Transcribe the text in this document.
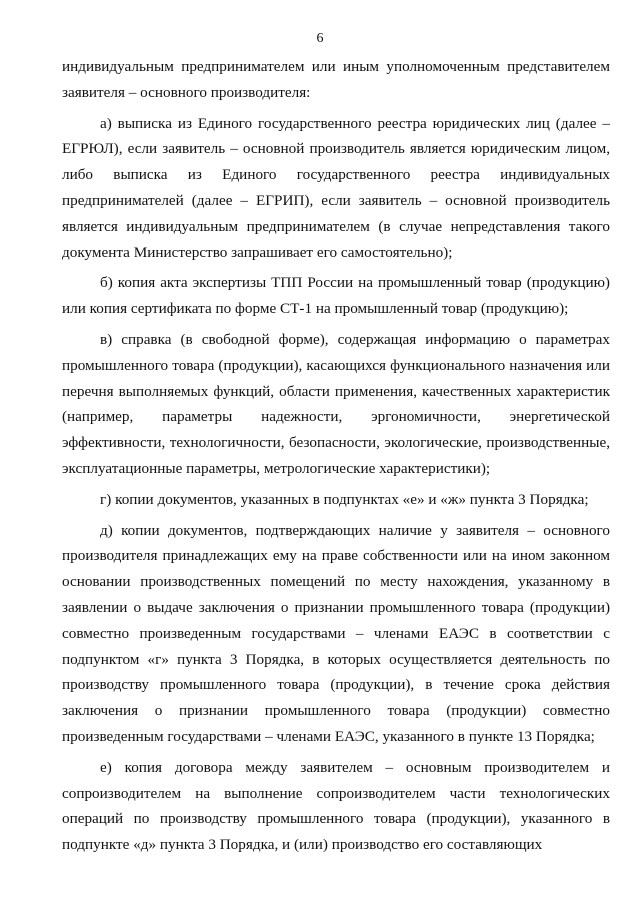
6

индивидуальным предпринимателем или иным уполномоченным представителем заявителя – основного производителя:

а) выписка из Единого государственного реестра юридических лиц (далее – ЕГРЮЛ), если заявитель – основной производитель является юридическим лицом, либо выписка из Единого государственного реестра индивидуальных предпринимателей (далее – ЕГРИП), если заявитель – основной производитель является индивидуальным предпринимателем (в случае непредставления такого документа Министерство запрашивает его самостоятельно);

б) копия акта экспертизы ТПП России на промышленный товар (продукцию) или копия сертификата по форме СТ-1 на промышленный товар (продукцию);

в) справка (в свободной форме), содержащая информацию о параметрах промышленного товара (продукции), касающихся функционального назначения или перечня выполняемых функций, области применения, качественных характеристик (например, параметры надежности, эргономичности, энергетической эффективности, технологичности, безопасности, экологические, производственные, эксплуатационные параметры, метрологические характеристики);

г) копии документов, указанных в подпунктах «е» и «ж» пункта 3 Порядка;

д) копии документов, подтверждающих наличие у заявителя – основного производителя принадлежащих ему на праве собственности или на ином законном основании производственных помещений по месту нахождения, указанному в заявлении о выдаче заключения о признании промышленного товара (продукции) совместно произведенным государствами – членами ЕАЭС в соответствии с подпунктом «г» пункта 3 Порядка, в которых осуществляется деятельность по производству промышленного товара (продукции), в течение срока действия заключения о признании промышленного товара (продукции) совместно произведенным государствами – членами ЕАЭС, указанного в пункте 13 Порядка;

е) копия договора между заявителем – основным производителем и сопроизводителем на выполнение сопроизводителем части технологических операций по производству промышленного товара (продукции), указанного в подпункте «д» пункта 3 Порядка, и (или) производство его составляющих
